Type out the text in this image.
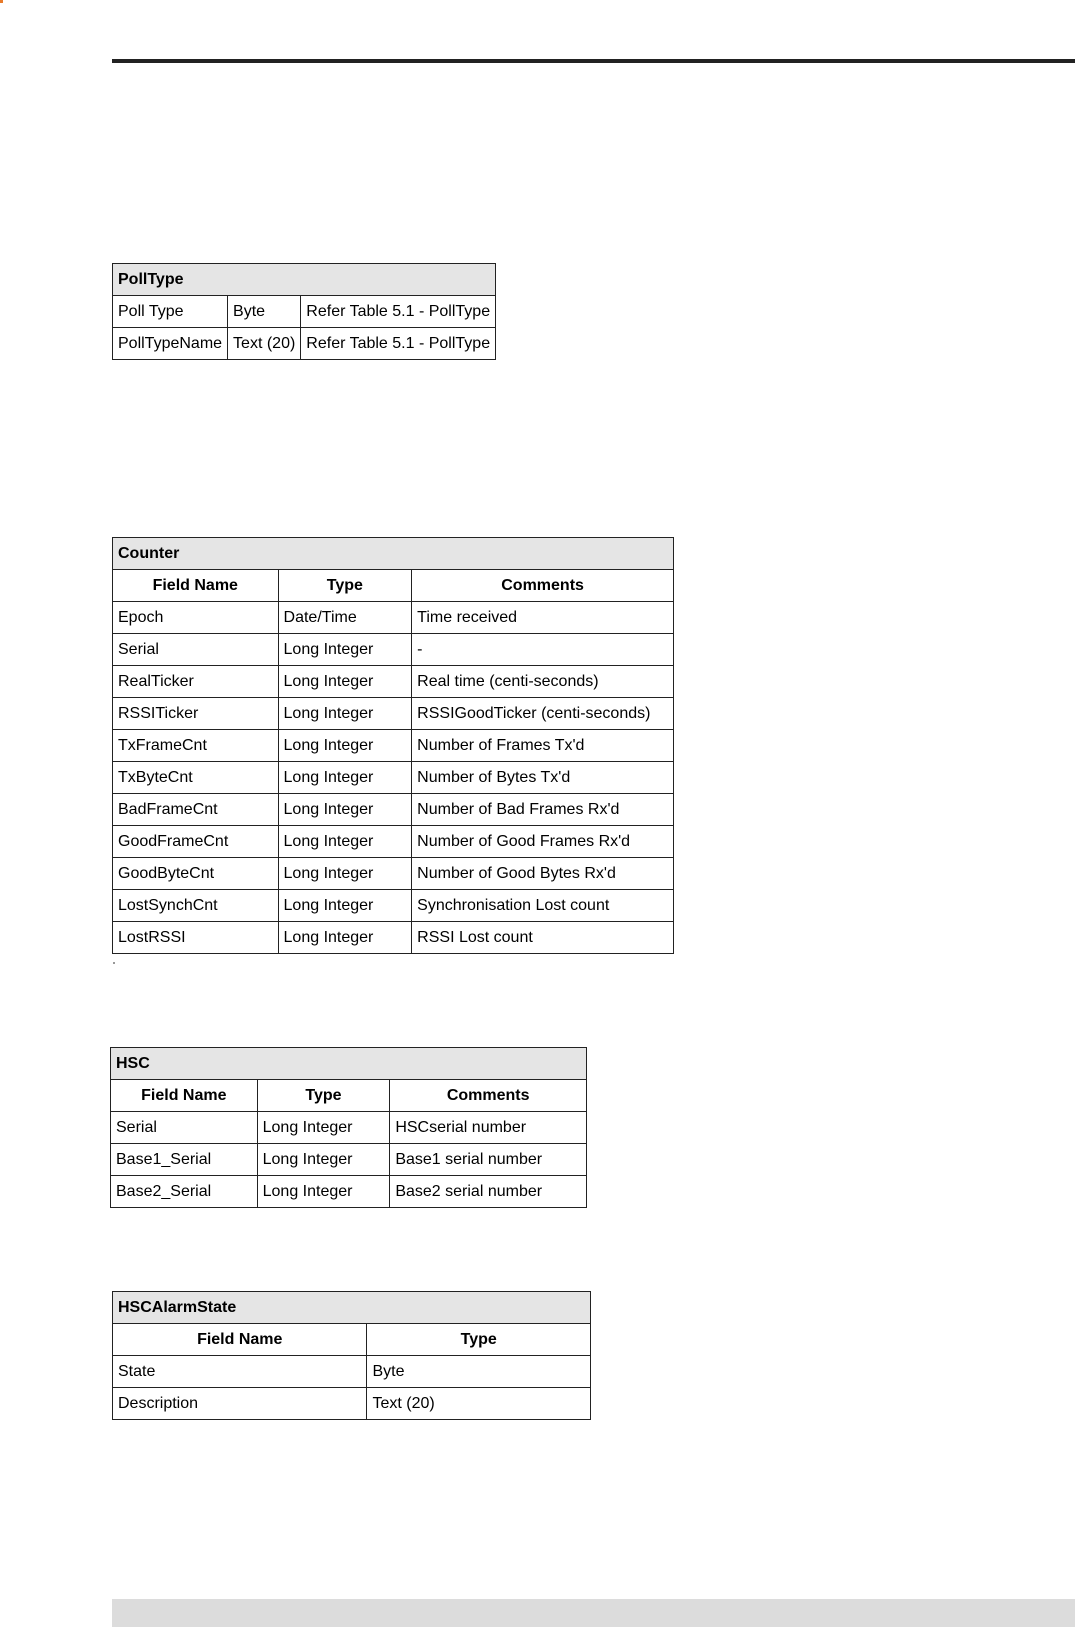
PollType		
Poll Type	Byte	Refer Table 5.1 - PollType
PollTypeName	Text (20)	Refer Table 5.1 - PollType
Counter		
Field Name	Type	Comments
Epoch	Date/Time	Time received
Serial	Long Integer	-
RealTicker	Long Integer	Real time (centi-seconds)
RSSITicker	Long Integer	RSSIGoodTicker (centi-seconds)
TxFrameCnt	Long Integer	Number of Frames Tx'd
TxByteCnt	Long Integer	Number of Bytes Tx'd
BadFrameCnt	Long Integer	Number of Bad Frames Rx'd
GoodFrameCnt	Long Integer	Number of Good Frames Rx'd
GoodByteCnt	Long Integer	Number of Good Bytes Rx'd
LostSynchCnt	Long Integer	Synchronisation Lost count
LostRSSI	Long Integer	RSSI Lost count
HSC		
Field Name	Type	Comments
Serial	Long Integer	HSCserial number
Base1_Serial	Long Integer	Base1 serial number
Base2_Serial	Long Integer	Base2 serial number
HSCAlarmState	
Field Name	Type
State	Byte
Description	Text (20)
